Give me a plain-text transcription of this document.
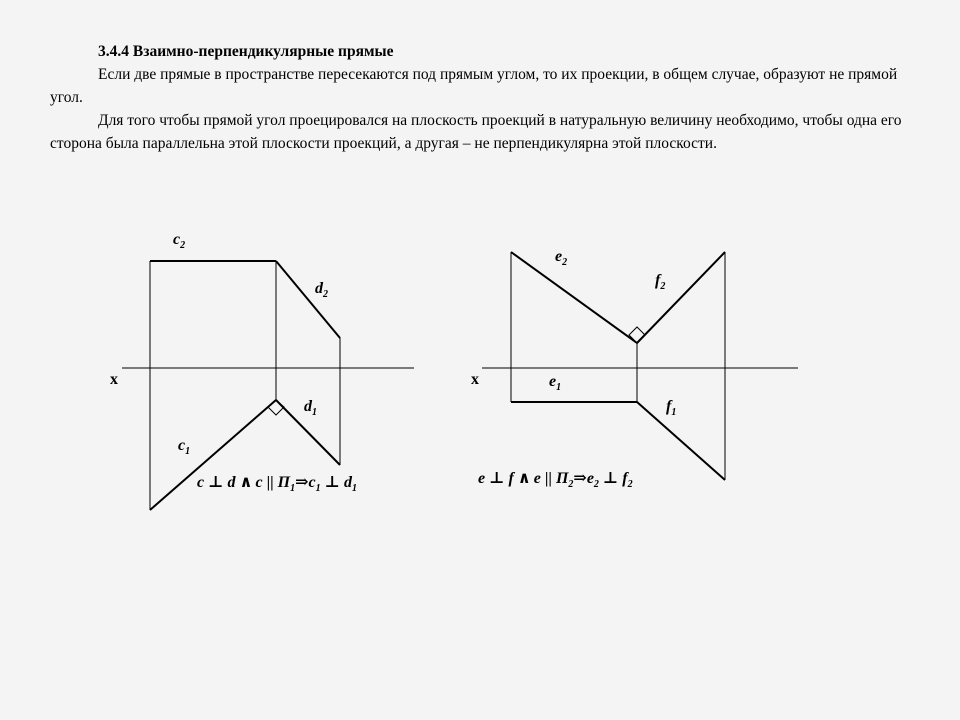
3.4.4 Взаимно-перпендикулярные прямые

Если две прямые в пространстве пересекаются под прямым углом, то их проекции, в общем случае, образуют не прямой угол.

Для того чтобы прямой угол проецировался на плоскость проекций в натуральную величину необходимо, чтобы одна его сторона была параллельна этой плоскости проекций, а другая – не перпендикулярна этой плоскости.

x
$c_2$
$d_2$
$d_1$
$c_1$
c ⊥ d ∧ c || $П_1\Rightarrow c_1$ ⊥ $d_1$
x
$e_2$
$f_2$
$e_1$
$f_1$
e ⊥ f ∧ e || $П_2\Rightarrow e_2$ ⊥ $f_2$
